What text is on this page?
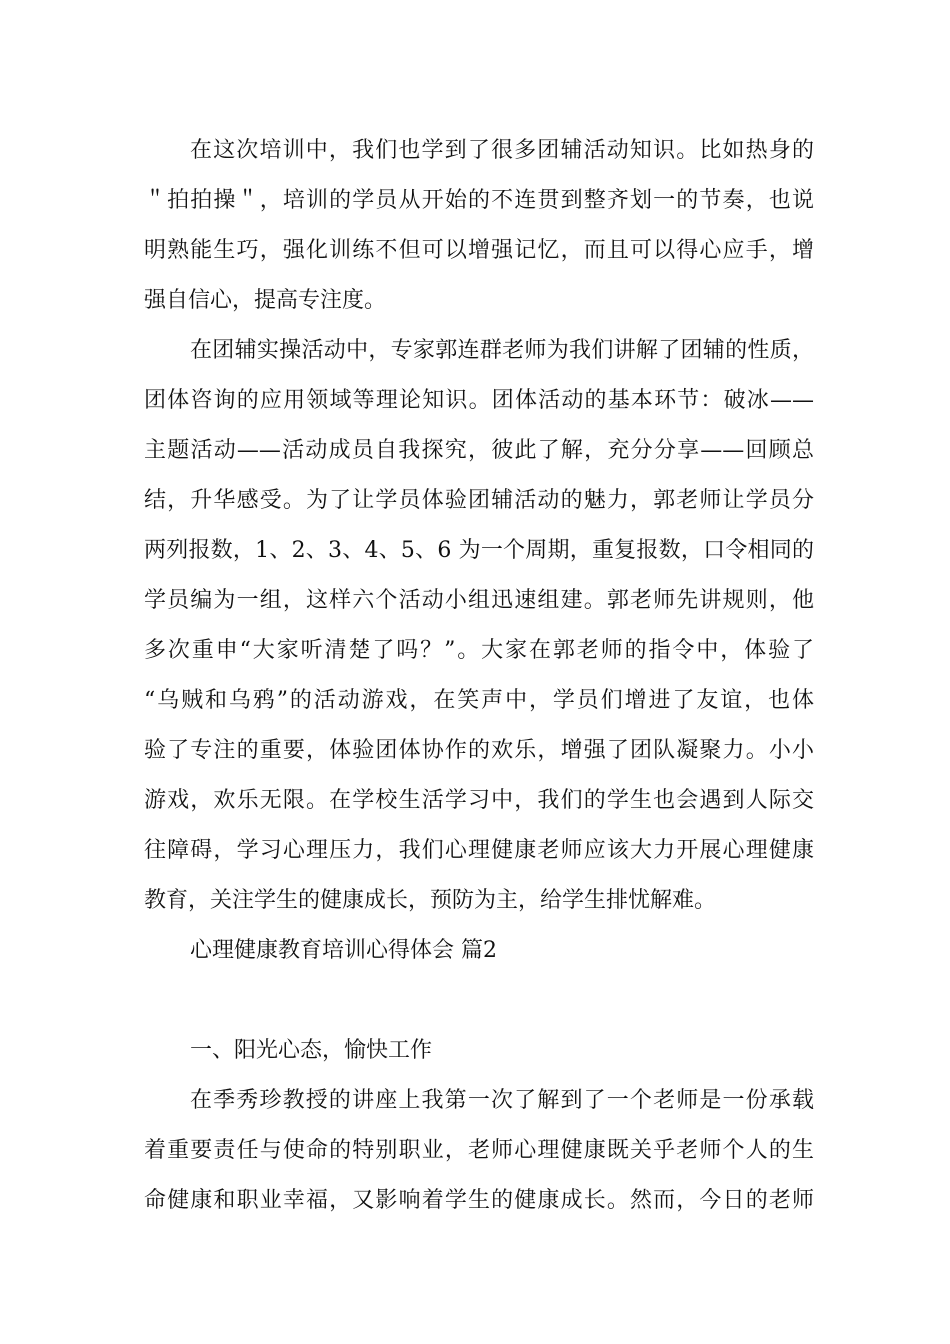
在这次培训中，我们也学到了很多团辅活动知识。比如热身的
＂拍拍操＂，培训的学员从开始的不连贯到整齐划一的节奏，也说
明熟能生巧，强化训练不但可以增强记忆，而且可以得心应手，增
强自信心，提高专注度。
在团辅实操活动中，专家郭连群老师为我们讲解了团辅的性质，
团体咨询的应用领域等理论知识。团体活动的基本环节：破冰——
主题活动——活动成员自我探究，彼此了解，充分分享——回顾总
结，升华感受。为了让学员体验团辅活动的魅力，郭老师让学员分
两列报数，1、2、3、4、5、6 为一个周期，重复报数，口令相同的
学员编为一组，这样六个活动小组迅速组建。郭老师先讲规则，他
多次重申“大家听清楚了吗？”。大家在郭老师的指令中，体验了
“乌贼和乌鸦”的活动游戏，在笑声中，学员们增进了友谊，也体
验了专注的重要，体验团体协作的欢乐，增强了团队凝聚力。小小
游戏，欢乐无限。在学校生活学习中，我们的学生也会遇到人际交
往障碍，学习心理压力，我们心理健康老师应该大力开展心理健康
教育，关注学生的健康成长，预防为主，给学生排忧解难。
心理健康教育培训心得体会 篇2
一、阳光心态，愉快工作
在季秀珍教授的讲座上我第一次了解到了一个老师是一份承载
着重要责任与使命的特别职业，老师心理健康既关乎老师个人的生
命健康和职业幸福，又影响着学生的健康成长。然而，今日的老师
